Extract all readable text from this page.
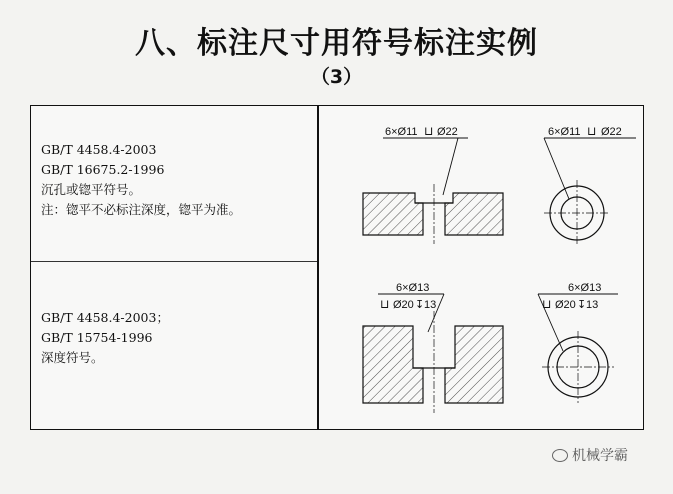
八、标注尺寸用符号标注实例
（3）
GB/T 4458.4-2003
GB/T 16675.2-1996
沉孔或锪平符号。
注：锪平不必标注深度，锪平为准。
GB/T 4458.4-2003；
GB/T 15754-1996
深度符号。
6×Ø11 ⊔ Ø22	6×Ø11 ⊔ Ø22
6×Ø13
⊔ Ø20 ↧ 13
6×Ø13
⊔ Ø20 ↧ 13
机械学霸
